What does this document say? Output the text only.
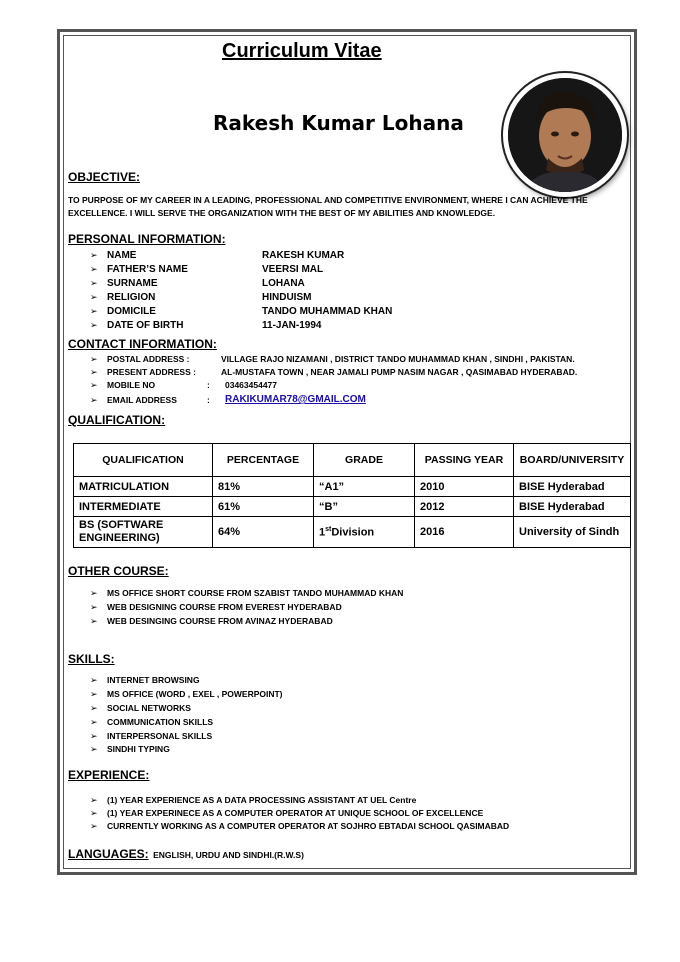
Curriculum Vitae
Rakesh Kumar Lohana
OBJECTIVE:
TO PURPOSE OF MY CAREER IN A LEADING, PROFESSIONAL AND COMPETITIVE ENVIRONMENT, WHERE I CAN ACHIEVE THE EXCELLENCE. I WILL SERVE THE ORGANIZATION WITH THE BEST OF MY ABILITIES AND KNOWLEDGE.
PERSONAL INFORMATION:
➢ NAME	RAKESH KUMAR
➢ FATHER’S NAME	VEERSI MAL
➢ SURNAME	LOHANA
➢ RELIGION	HINDUISM
➢ DOMICILE	TANDO MUHAMMAD KHAN
➢ DATE OF BIRTH	11-JAN-1994
CONTACT INFORMATION:
➢ POSTAL ADDRESS :	VILLAGE RAJO NIZAMANI , DISTRICT TANDO MUHAMMAD KHAN , SINDHI , PAKISTAN.
➢ PRESENT ADDRESS :	AL-MUSTAFA TOWN , NEAR JAMALI PUMP NASIM NAGAR , QASIMABAD HYDERABAD.
➢ MOBILE NO	: 03463454477
➢ EMAIL ADDRESS	: RAKIKUMAR78@GMAIL.COM
QUALIFICATION:
QUALIFICATION	PERCENTAGE	GRADE	PASSING YEAR	BOARD/UNIVERSITY
MATRICULATION	81%	“A1”	2010	BISE Hyderabad
INTERMEDIATE	61%	“B”	2012	BISE Hyderabad
BS (SOFTWARE ENGINEERING)	64%	1stDivision	2016	University of Sindh
OTHER COURSE:
➢ MS OFFICE SHORT COURSE FROM SZABIST TANDO MUHAMMAD KHAN
➢ WEB DESIGNING COURSE FROM EVEREST HYDERABAD
➢ WEB DESINGING COURSE FROM AVINAZ HYDERABAD
SKILLS:
➢ INTERNET BROWSING
➢ MS OFFICE (WORD , EXEL , POWERPOINT)
➢ SOCIAL NETWORKS
➢ COMMUNICATION SKILLS
➢ INTERPERSONAL SKILLS
➢ SINDHI TYPING
EXPERIENCE:
➢ (1) YEAR EXPERIENCE AS A DATA PROCESSING ASSISTANT AT UEL Centre
➢ (1) YEAR EXPERINECE AS A COMPUTER OPERATOR AT UNIQUE SCHOOL OF EXCELLENCE
➢ CURRENTLY WORKING AS A COMPUTER OPERATOR AT SOJHRO EBTADAI SCHOOL QASIMABAD
LANGUAGES: ENGLISH, URDU AND SINDHI.(R.W.S)
